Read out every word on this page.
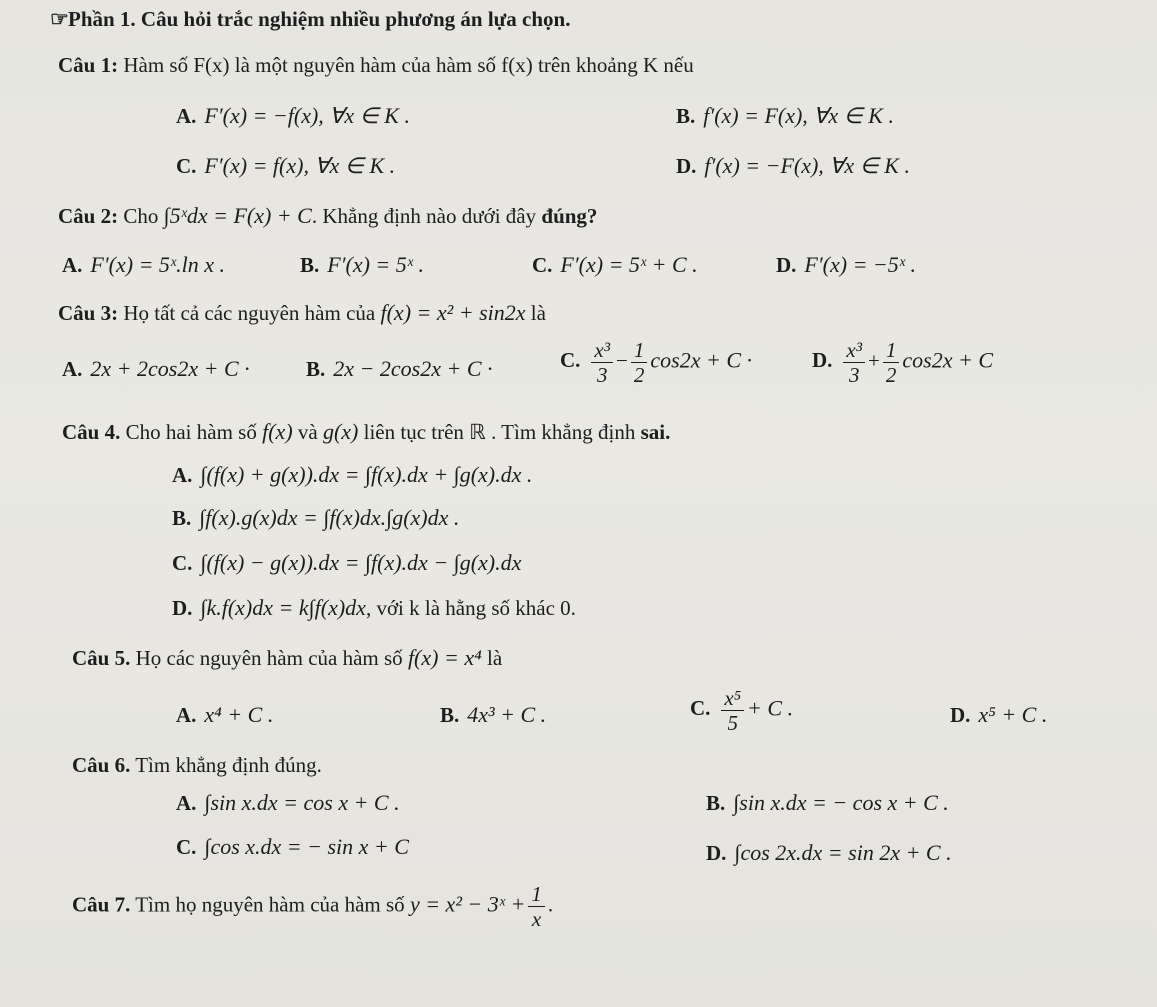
☞Phần 1. Câu hỏi trắc nghiệm nhiều phương án lựa chọn.
Câu 1: Hàm số F(x) là một nguyên hàm của hàm số f(x) trên khoảng K nếu
A. F′(x) = −f(x), ∀x ∈ K .	B. f′(x) = F(x), ∀x ∈ K .
C. F′(x) = f(x), ∀x ∈ K .	D. f′(x) = −F(x), ∀x ∈ K .
Câu 2: Cho ∫5ˣdx = F(x) + C. Khẳng định nào dưới đây đúng?
A. F′(x) = 5ˣ.ln x .	B. F′(x) = 5ˣ .	C. F′(x) = 5ˣ + C .	D. F′(x) = −5ˣ .
Câu 3: Họ tất cả các nguyên hàm của f(x) = x² + sin2x là
A. 2x + 2cos2x + C ·	B. 2x − 2cos2x + C ·	C. $\frac{\text{x³}}{3} - \frac{1}{2} \cos 2x + C$ ·	D. $\frac{\text{x³}}{3} + \frac{1}{2} \cos 2x + C$
Câu 4. Cho hai hàm số f(x) và g(x) liên tục trên ℝ . Tìm khẳng định sai.
A. ∫(f(x) + g(x)).dx = ∫f(x).dx + ∫g(x).dx .
B. ∫f(x).g(x)dx = ∫f(x)dx.∫g(x)dx .
C. ∫(f(x) − g(x)).dx = ∫f(x).dx − ∫g(x).dx
D. ∫k.f(x)dx = k∫f(x)dx, với k là hằng số khác 0.
Câu 5. Họ các nguyên hàm của hàm số f(x) = x⁴ là
A. x⁴ + C .	B. 4x³ + C .	C. $\frac{\text{x⁵}}{5} + C$ .	D. x⁵ + C .
Câu 6. Tìm khẳng định đúng.
A. ∫sin x.dx = cos x + C .	B. ∫sin x.dx = − cos x + C .
C. ∫cos x.dx = − sin x + C	D. ∫cos 2x.dx = sin 2x + C .
Câu 7. Tìm họ nguyên hàm của hàm số y = x² − 3ˣ + $\frac{1}{x}$ .
